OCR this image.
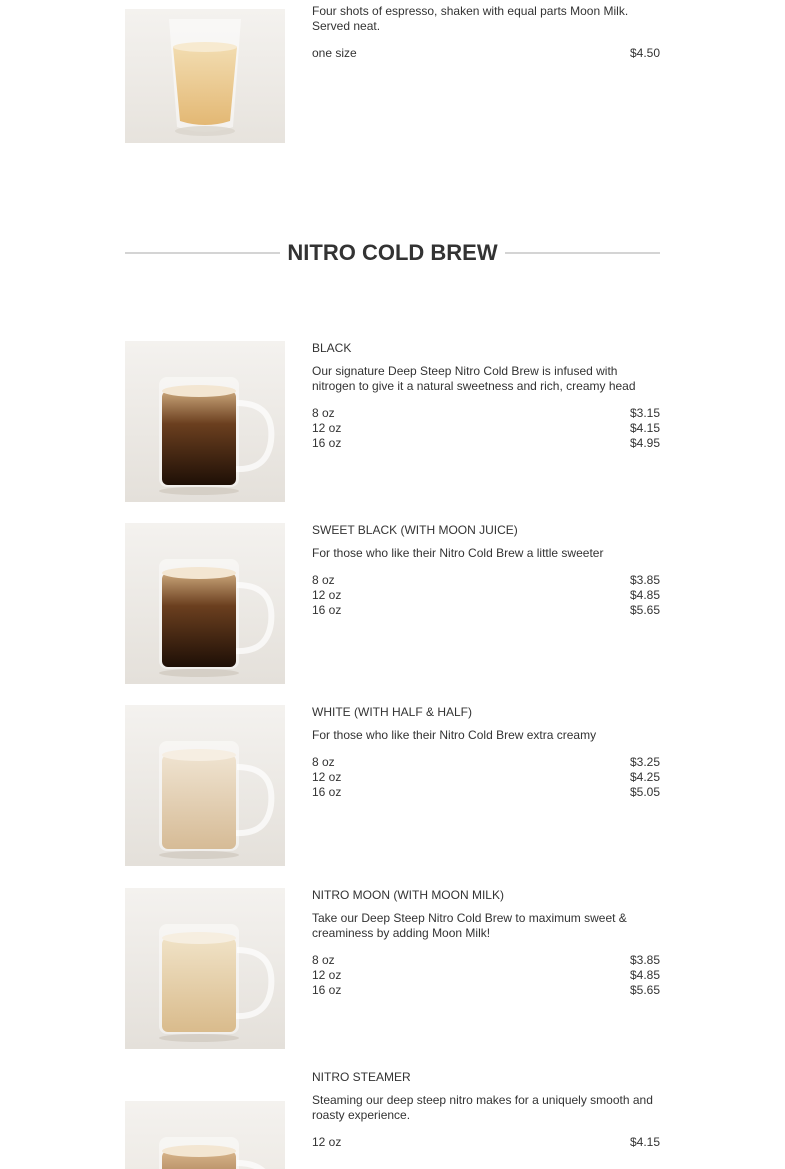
Four shots of espresso, shaken with equal parts Moon Milk. Served neat.

one size	$4.50
NITRO COLD BREW

BLACK

Our signature Deep Steep Nitro Cold Brew is infused with nitrogen to give it a natural sweetness and rich, creamy head

8 oz	$3.15
12 oz	$4.15
16 oz	$4.95

SWEET BLACK (WITH MOON JUICE)

For those who like their Nitro Cold Brew a little sweeter

8 oz	$3.85
12 oz	$4.85
16 oz	$5.65

WHITE (WITH HALF & HALF)

For those who like their Nitro Cold Brew extra creamy

8 oz	$3.25
12 oz	$4.25
16 oz	$5.05

NITRO MOON (WITH MOON MILK)

Take our Deep Steep Nitro Cold Brew to maximum sweet & creaminess by adding Moon Milk!

8 oz	$3.85
12 oz	$4.85
16 oz	$5.65

NITRO STEAMER

Steaming our deep steep nitro makes for a uniquely smooth and roasty experience.

12 oz	$4.15
